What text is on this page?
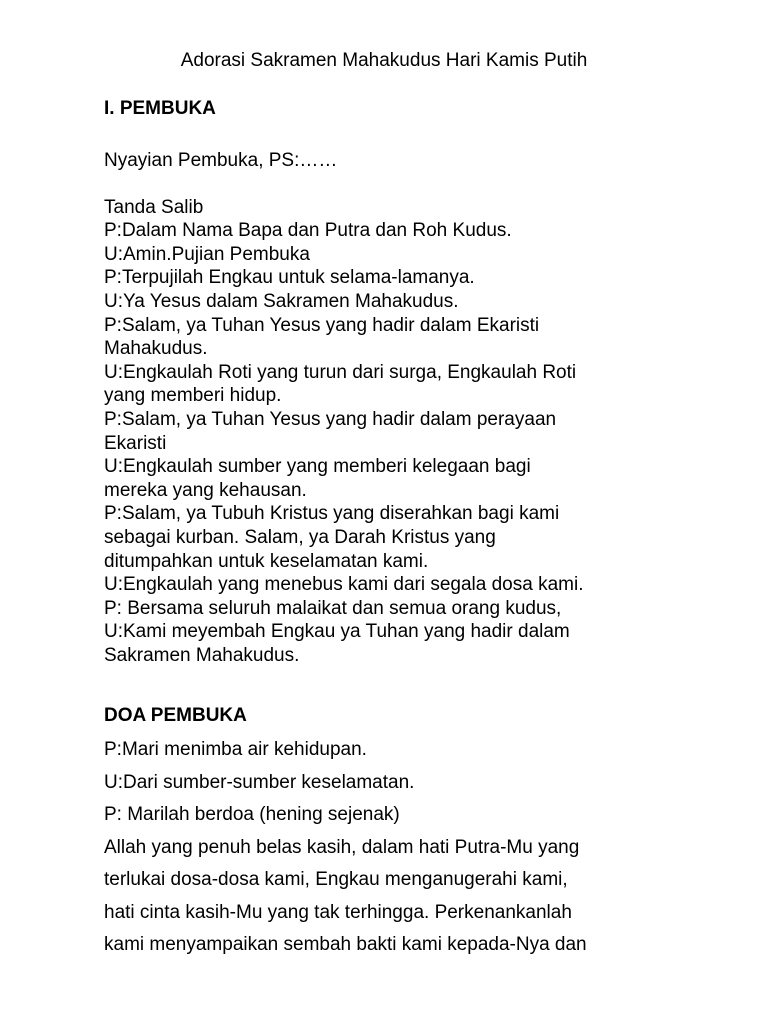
Adorasi Sakramen Mahakudus Hari Kamis Putih

I. PEMBUKA

Nyayian Pembuka, PS:……

Tanda Salib

P:Dalam Nama Bapa dan Putra dan Roh Kudus.

U:Amin.Pujian Pembuka

P:Terpujilah Engkau untuk selama-lamanya.

U:Ya Yesus dalam Sakramen Mahakudus.

P:Salam, ya Tuhan Yesus yang hadir dalam Ekaristi

Mahakudus.

U:Engkaulah Roti yang turun dari surga, Engkaulah Roti

yang memberi hidup.

P:Salam, ya Tuhan Yesus yang hadir dalam perayaan

Ekaristi

U:Engkaulah sumber yang memberi kelegaan bagi

mereka yang kehausan.

P:Salam, ya Tubuh Kristus yang diserahkan bagi kami

sebagai kurban. Salam, ya Darah Kristus yang

ditumpahkan untuk keselamatan kami.

U:Engkaulah yang menebus kami dari segala dosa kami.

P: Bersama seluruh malaikat dan semua orang kudus,

U:Kami meyembah Engkau ya Tuhan yang hadir dalam

Sakramen Mahakudus.

DOA PEMBUKA

P:Mari menimba air kehidupan.

U:Dari sumber-sumber keselamatan.

P: Marilah berdoa (hening sejenak)

Allah yang penuh belas kasih, dalam hati Putra-Mu yang

terlukai dosa-dosa kami, Engkau menganugerahi kami,

hati cinta kasih-Mu yang tak terhingga. Perkenankanlah

kami menyampaikan sembah bakti kami kepada-Nya dan
